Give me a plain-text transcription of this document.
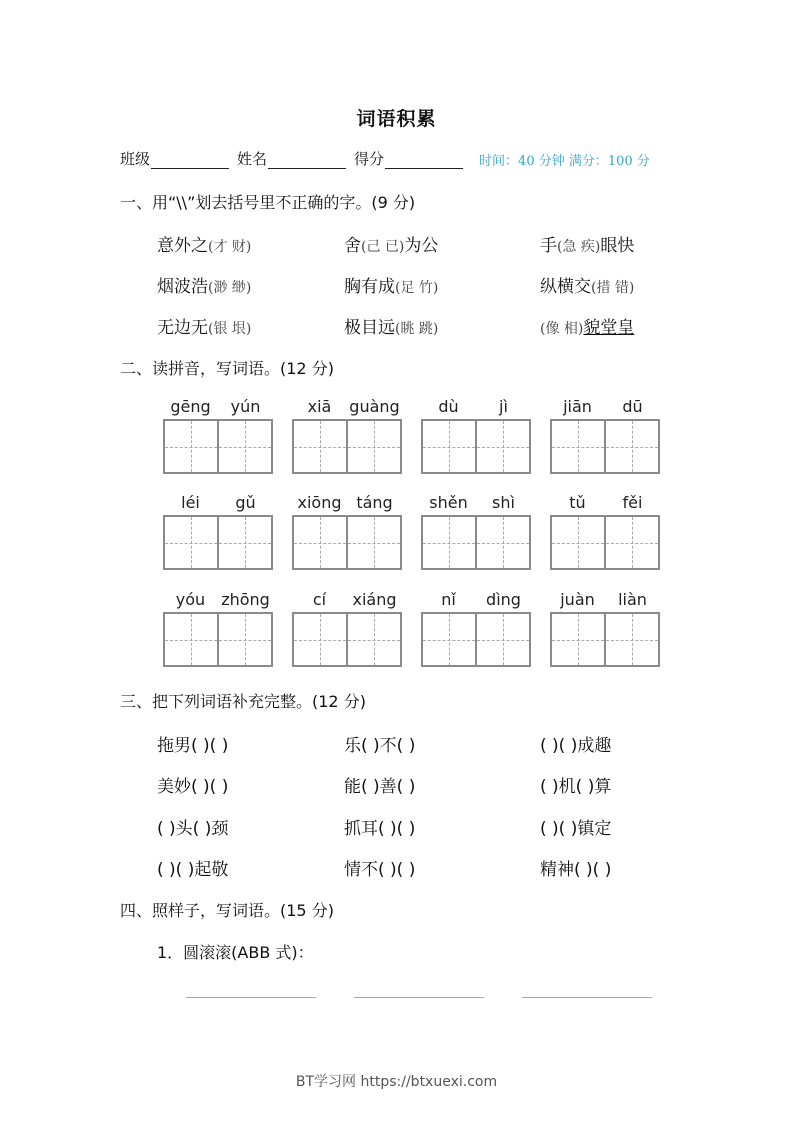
词语积累
班级	姓名	得分	时间：40 分钟 满分：100 分
一、用“\\”划去括号里不正确的字。(9 分)
意外之(才 财)	舍(己 已)为公	手(急 疾)眼快
烟波浩(渺 缈)	胸有成(足 竹)	纵横交(措 错)
无边无(银 垠)	极目远(眺 跳)	(像 相)貌堂皇
二、读拼音，写词语。(12 分)
gēng	yún	xiā	guàng	dù	jì	jiān	dū
léi	gǔ	xiōng táng	shěn	shì	tǔ	fěi
yóu zhōng	cí	xiáng	nǐ	dìng	juàn	liàn
三、把下列词语补充完整。(12 分)
拖男( )( )	乐( )不( )	( )( )成趣
美妙( )( )	能( )善( )	( )机( )算
( )头( )颈	抓耳( )( )	( )( )镇定
( )( )起敬	情不( )( )	精神( )( )
四、照样子，写词语。(15 分)
1．圆滚滚(ABB 式)：
BT学习网 https://btxuexi.com
